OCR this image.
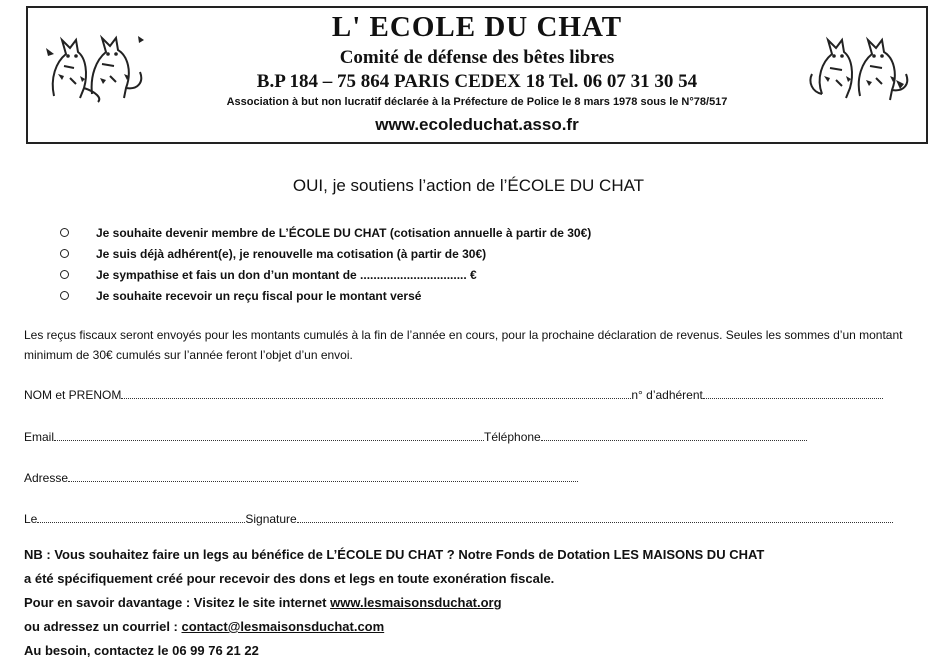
L' ECOLE DU CHAT
Comité de défense des bêtes libres
B.P 184 – 75 864 PARIS CEDEX 18 Tel. 06 07 31 30 54
Association à but non lucratif déclarée à la Préfecture de Police le 8 mars 1978 sous le N°78/517
www.ecoleduchat.asso.fr
OUI, je soutiens l’action de l’ÉCOLE DU CHAT
Je souhaite devenir membre de L’ÉCOLE DU CHAT (cotisation annuelle à partir de 30€)
Je suis déjà adhérent(e), je renouvelle ma cotisation (à partir de 30€)
Je sympathise et fais un don d’un montant de ................................ €
Je souhaite recevoir un reçu fiscal pour le montant versé
Les reçus fiscaux seront envoyés pour les montants cumulés à la fin de l’année en cours, pour la prochaine déclaration de revenus. Seules les sommes d’un montant minimum de 30€ cumulés sur l’année feront l’objet d’un envoi.
NOM et PRENOM	n° d’adhérent
Email	Téléphone
Adresse
Le	Signature
NB : Vous souhaitez faire un legs au bénéfice de L’ÉCOLE DU CHAT ? Notre Fonds de Dotation LES MAISONS DU CHAT
a été spécifiquement créé pour recevoir des dons et legs en toute exonération fiscale.
Pour en savoir davantage : Visitez le site internet www.lesmaisonsduchat.org
ou adressez un courriel : contact@lesmaisonsduchat.com
Au besoin, contactez le 06 99 76 21 22
